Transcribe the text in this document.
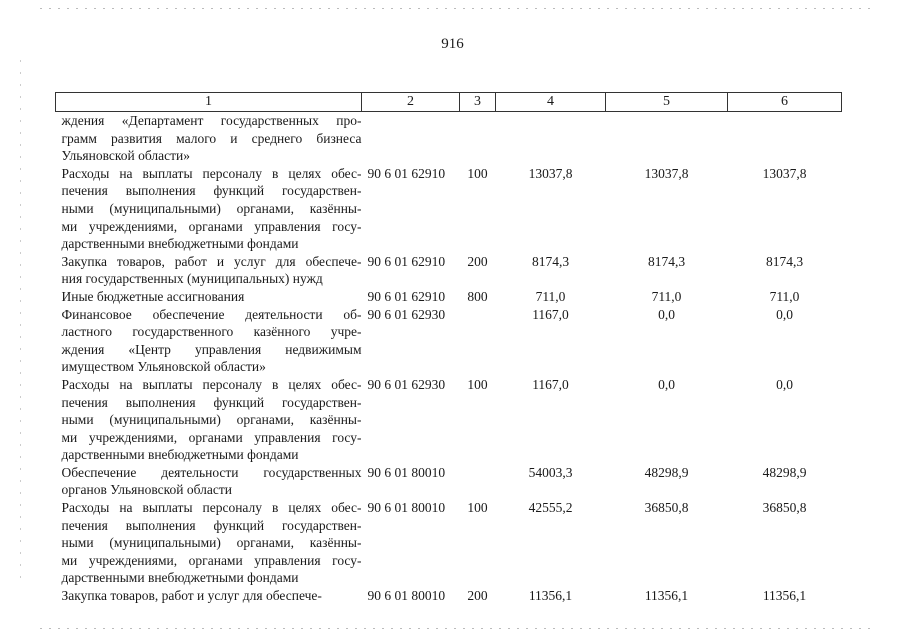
916
1	2	3	4	5	6

ждения «Департамент государственных про-
грамм развития малого и среднего бизнеса
Ульяновской области»					

Расходы на выплаты персоналу в целях обес-
печения выполнения функций государствен-
ными (муниципальными) органами, казённы-
ми учреждениями, органами управления госу-
дарственными внебюджетными фондами	90 6 01 62910	100	13037,8	13037,8	13037,8

Закупка товаров, работ и услуг для обеспече-
ния государственных (муниципальных) нужд	90 6 01 62910	200	8174,3	8174,3	8174,3

Иные бюджетные ассигнования	90 6 01 62910	800	711,0	711,0	711,0

Финансовое обеспечение деятельности об-
ластного государственного казённого учре-
ждения «Центр управления недвижимым
имуществом Ульяновской области»	90 6 01 62930		1167,0	0,0	0,0

Расходы на выплаты персоналу в целях обес-
печения выполнения функций государствен-
ными (муниципальными) органами, казённы-
ми учреждениями, органами управления госу-
дарственными внебюджетными фондами	90 6 01 62930	100	1167,0	0,0	0,0

Обеспечение деятельности государственных
органов Ульяновской области	90 6 01 80010		54003,3	48298,9	48298,9

Расходы на выплаты персоналу в целях обес-
печения выполнения функций государствен-
ными (муниципальными) органами, казённы-
ми учреждениями, органами управления госу-
дарственными внебюджетными фондами	90 6 01 80010	100	42555,2	36850,8	36850,8

Закупка товаров, работ и услуг для обеспече-	90 6 01 80010	200	11356,1	11356,1	11356,1
